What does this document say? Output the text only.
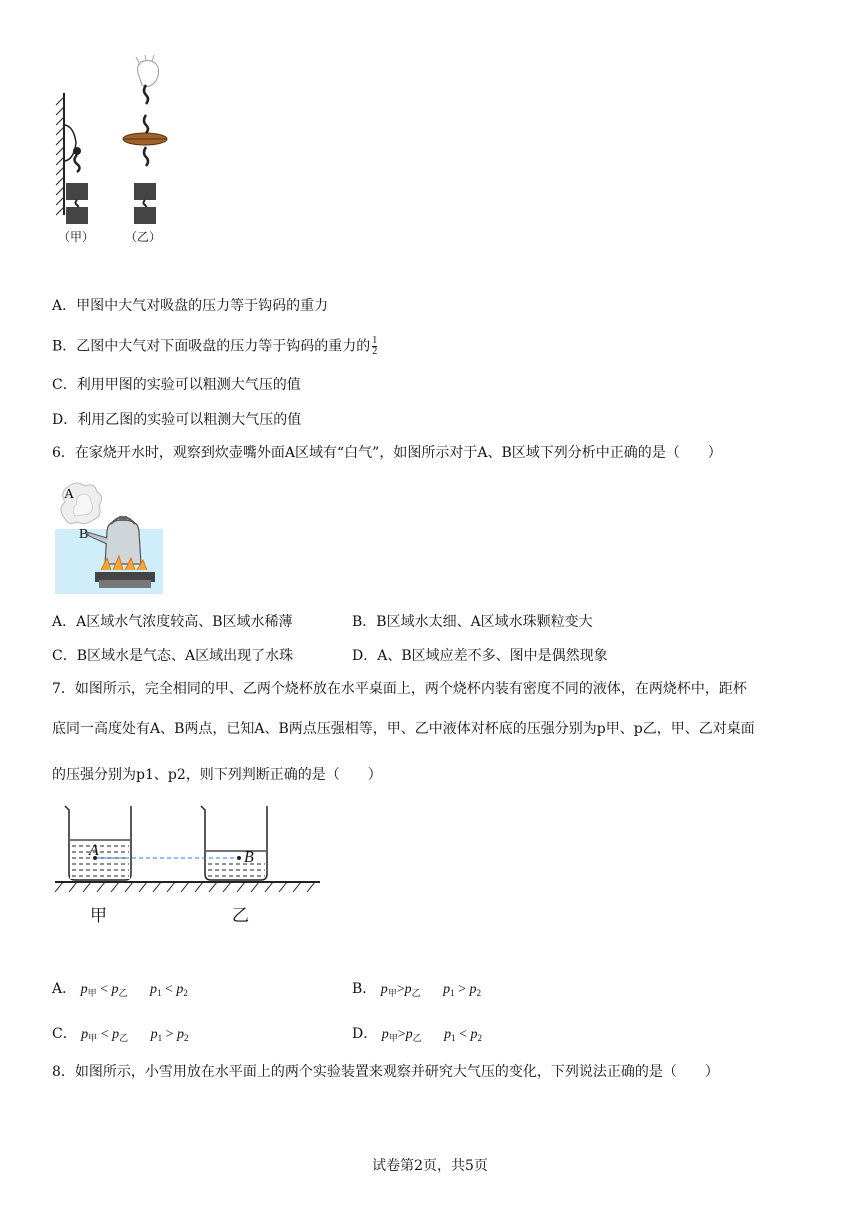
（甲）	（乙）
A．甲图中大气对吸盘的压力等于钩码的重力
B．乙图中大气对下面吸盘的压力等于钩码的重力的 $\frac{1}{2}$
C．利用甲图的实验可以粗测大气压的值
D．利用乙图的实验可以粗测大气压的值
6．在家烧开水时，观察到炊壶嘴外面A区域有“白气”，如图所示对于A、B区域下列分析中正确的是（　　）
A
B
A．A区域水气浓度较高、B区域水稀薄	B．B区域水太细、A区域水珠颗粒变大
C．B区域水是气态、A区域出现了水珠	D．A、B区域应差不多、图中是偶然现象
7．如图所示，完全相同的甲、乙两个烧杯放在水平桌面上，两个烧杯内装有密度不同的液体，在两烧杯中，距杯
底同一高度处有A、B两点，已知A、B两点压强相等，甲、乙中液体对杯底的压强分别为p甲、p乙，甲、乙对桌面
的压强分别为p1、p2，则下列判断正确的是（　　）
A	B
甲	乙
A． $p_甲 < p_乙$ $p_1 < p_2$	B． $p_甲>p_乙$ $p_1 > p_2$
C． $p_甲 < p_乙$ $p_1 > p_2$	D． $p_甲>p_乙$ $p_1 < p_2$
8．如图所示，小雪用放在水平面上的两个实验装置来观察并研究大气压的变化，下列说法正确的是（　　）
试卷第2页，共5页
